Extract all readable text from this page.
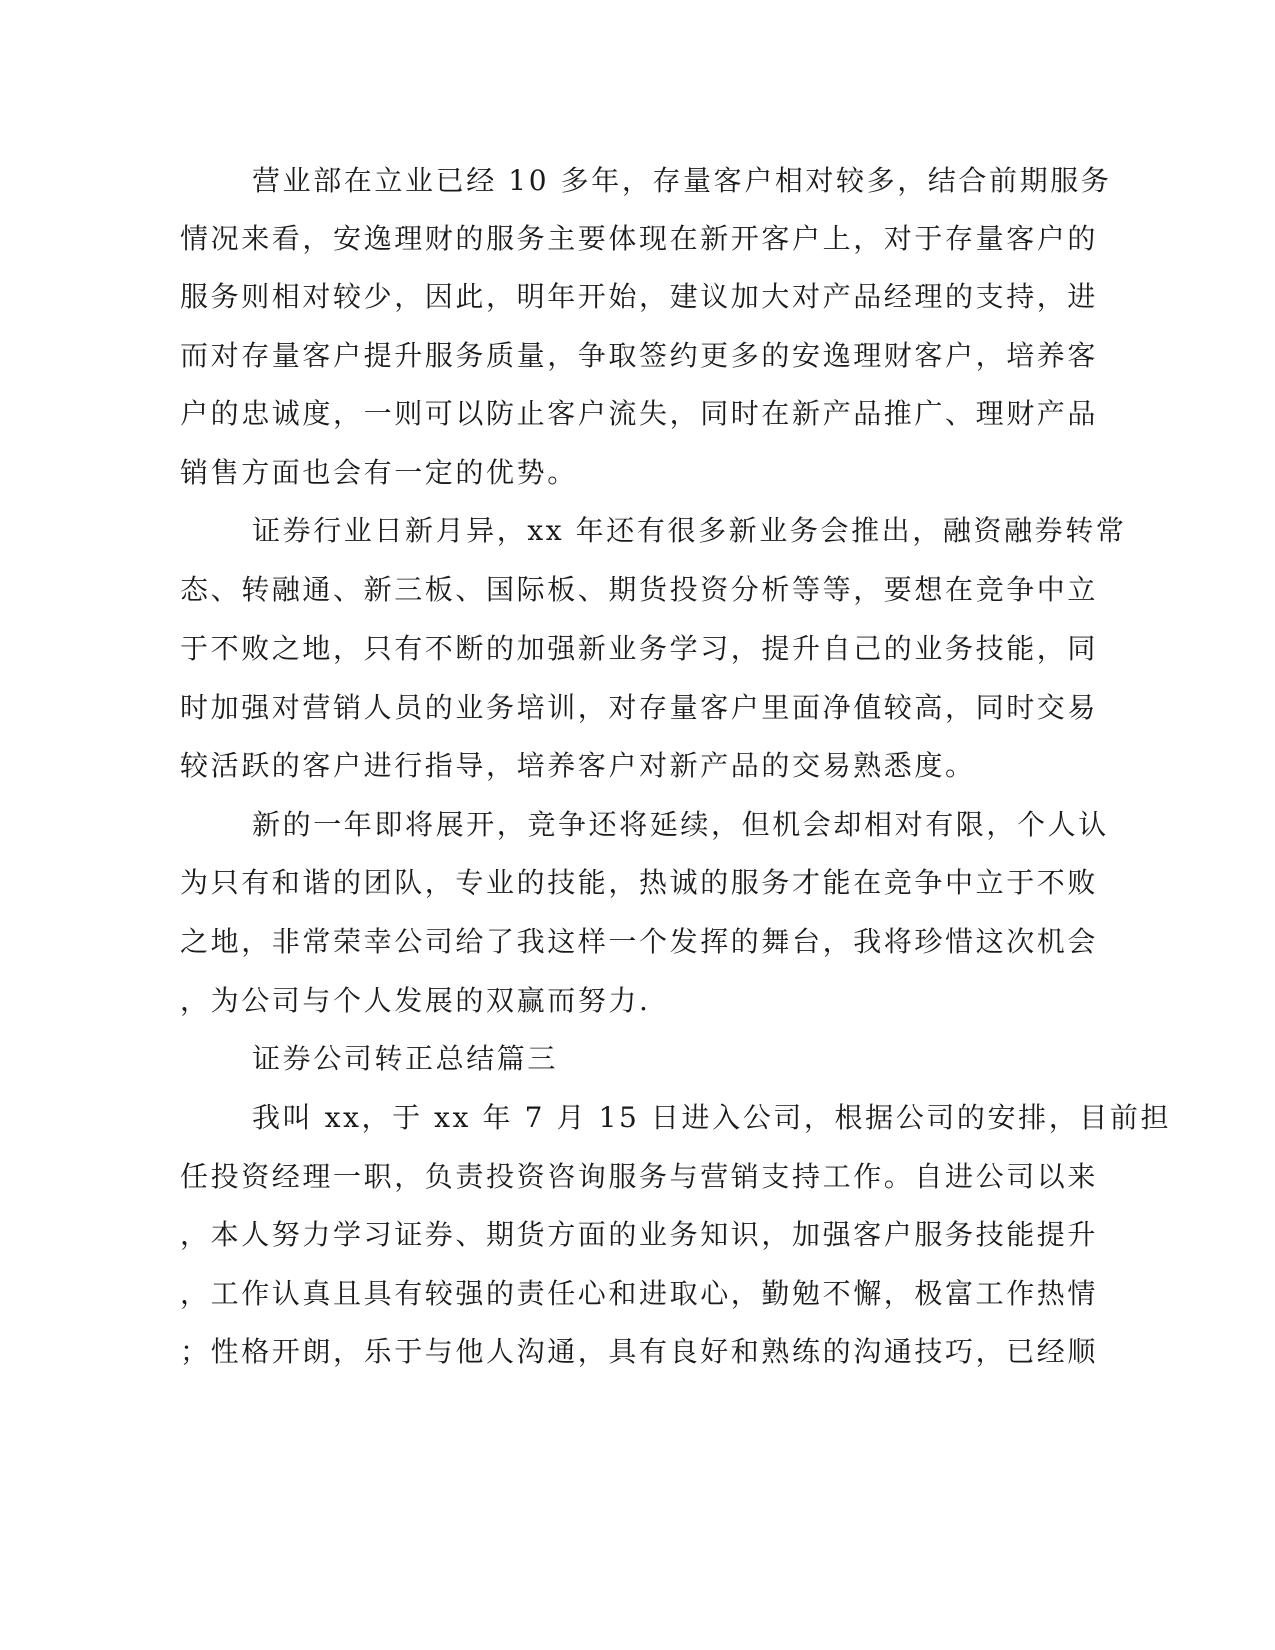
营业部在立业已经 10 多年，存量客户相对较多，结合前期服务
情况来看，安逸理财的服务主要体现在新开客户上，对于存量客户的
服务则相对较少，因此，明年开始，建议加大对产品经理的支持，进
而对存量客户提升服务质量，争取签约更多的安逸理财客户，培养客
户的忠诚度，一则可以防止客户流失，同时在新产品推广、理财产品
销售方面也会有一定的优势。
证券行业日新月异，xx 年还有很多新业务会推出，融资融券转常
态、转融通、新三板、国际板、期货投资分析等等，要想在竞争中立
于不败之地，只有不断的加强新业务学习，提升自己的业务技能，同
时加强对营销人员的业务培训，对存量客户里面净值较高，同时交易
较活跃的客户进行指导，培养客户对新产品的交易熟悉度。
新的一年即将展开，竞争还将延续，但机会却相对有限，个人认
为只有和谐的团队，专业的技能，热诚的服务才能在竞争中立于不败
之地，非常荣幸公司给了我这样一个发挥的舞台，我将珍惜这次机会
，为公司与个人发展的双赢而努力.
证券公司转正总结篇三
我叫 xx，于 xx 年 7 月 15 日进入公司，根据公司的安排，目前担
任投资经理一职，负责投资咨询服务与营销支持工作。自进公司以来
，本人努力学习证券、期货方面的业务知识，加强客户服务技能提升
，工作认真且具有较强的责任心和进取心，勤勉不懈，极富工作热情
；性格开朗，乐于与他人沟通，具有良好和熟练的沟通技巧，已经顺
